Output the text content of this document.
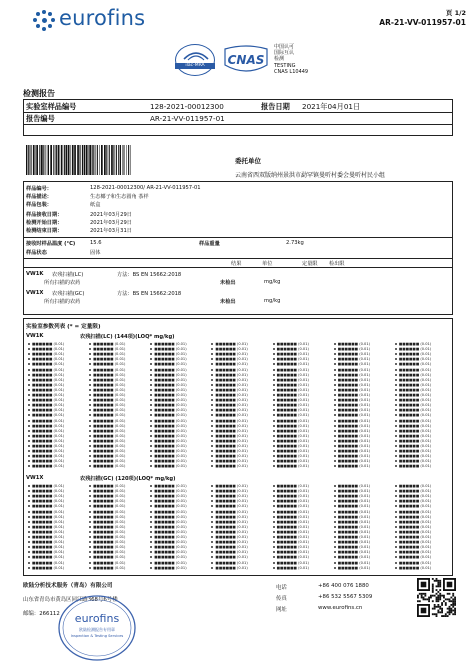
eurofins	页 1/2
AR-21-VV-011957-01
ilac-MRA	CNAS
中国认可
国际互认
检测
TESTING
CNAS L10449
检测报告
实验室样品编号	128-2021-00012300	报告日期 2021年04月01日
报告编号	AR-21-VV-011957-01
委托单位
云南省西双版纳州景洪市勐罕镇曼听村委会曼听村民小组
样品编号：	128-2021-00012300/ AR-21-VV-011957-01
样品描述：	生态椰子和生态圆角 茶样
样品包装：	纸盒
样品接收日期：	2021年03月29日
检测开始日期：	2021年03月29日
检测结束日期：	2021年03月31日
接收时样品温度 (°C)	15.6	样品重量	2.73kg
样品状态	固体
结果	单位	定量限 检出限
VW1K 农残扫描(LC)	方法：BS EN 15662:2018
所有扫描的农药	未检出	mg/kg
VW1X 农残扫描(GC)	方法：BS EN 15662:2018
所有扫描的农药	未检出	mg/kg
实验室参数列表 (* = 定量限)
VW1K	农残扫描(LC) (144项)(LOQ* mg/kg)
■■■■■■ (0.01)	■■■■■■ (0.01)	■■■■■■ (0.01)	■■■■■■ (0.01)	■■■■■■ (0.01)	■■■■■■ (0.01)	■■■■■■ (0.01)
■■■■■■ (0.01)	■■■■■■ (0.01)	■■■■■■ (0.01)	■■■■■■ (0.01)	■■■■■■ (0.01)	■■■■■■ (0.01)	■■■■■■ (0.01)
■■■■■■ (0.01)	■■■■■■ (0.01)	■■■■■■ (0.01)	■■■■■■ (0.01)	■■■■■■ (0.01)	■■■■■■ (0.01)	■■■■■■ (0.01)
■■■■■■ (0.01)	■■■■■■ (0.01)	■■■■■■ (0.01)	■■■■■■ (0.01)	■■■■■■ (0.01)	■■■■■■ (0.01)	■■■■■■ (0.01)
■■■■■■ (0.01)	■■■■■■ (0.01)	■■■■■■ (0.01)	■■■■■■ (0.01)	■■■■■■ (0.01)	■■■■■■ (0.01)	■■■■■■ (0.01)
■■■■■■ (0.01)	■■■■■■ (0.01)	■■■■■■ (0.01)	■■■■■■ (0.01)	■■■■■■ (0.01)	■■■■■■ (0.01)	■■■■■■ (0.01)
■■■■■■ (0.01)	■■■■■■ (0.01)	■■■■■■ (0.01)	■■■■■■ (0.01)	■■■■■■ (0.01)	■■■■■■ (0.01)	■■■■■■ (0.01)
■■■■■■ (0.01)	■■■■■■ (0.01)	■■■■■■ (0.01)	■■■■■■ (0.01)	■■■■■■ (0.01)	■■■■■■ (0.01)	■■■■■■ (0.01)
■■■■■■ (0.01)	■■■■■■ (0.01)	■■■■■■ (0.01)	■■■■■■ (0.01)	■■■■■■ (0.01)	■■■■■■ (0.01)	■■■■■■ (0.01)
■■■■■■ (0.01)	■■■■■■ (0.01)	■■■■■■ (0.01)	■■■■■■ (0.01)	■■■■■■ (0.01)	■■■■■■ (0.01)	■■■■■■ (0.01)
■■■■■■ (0.01)	■■■■■■ (0.01)	■■■■■■ (0.01)	■■■■■■ (0.01)	■■■■■■ (0.01)	■■■■■■ (0.01)	■■■■■■ (0.01)
■■■■■■ (0.01)	■■■■■■ (0.01)	■■■■■■ (0.01)	■■■■■■ (0.01)	■■■■■■ (0.01)	■■■■■■ (0.01)	■■■■■■ (0.01)
■■■■■■ (0.01)	■■■■■■ (0.01)	■■■■■■ (0.01)	■■■■■■ (0.01)	■■■■■■ (0.01)	■■■■■■ (0.01)	■■■■■■ (0.01)
■■■■■■ (0.01)	■■■■■■ (0.01)	■■■■■■ (0.01)	■■■■■■ (0.01)	■■■■■■ (0.01)	■■■■■■ (0.01)	■■■■■■ (0.01)
■■■■■■ (0.01)	■■■■■■ (0.01)	■■■■■■ (0.01)	■■■■■■ (0.01)	■■■■■■ (0.01)	■■■■■■ (0.01)	■■■■■■ (0.01)
■■■■■■ (0.01)	■■■■■■ (0.01)	■■■■■■ (0.01)	■■■■■■ (0.01)	■■■■■■ (0.01)	■■■■■■ (0.01)	■■■■■■ (0.01)
■■■■■■ (0.01)	■■■■■■ (0.01)	■■■■■■ (0.01)	■■■■■■ (0.01)	■■■■■■ (0.01)	■■■■■■ (0.01)	■■■■■■ (0.01)
■■■■■■ (0.01)	■■■■■■ (0.01)	■■■■■■ (0.01)	■■■■■■ (0.01)	■■■■■■ (0.01)	■■■■■■ (0.01)	■■■■■■ (0.01)
■■■■■■ (0.01)	■■■■■■ (0.01)	■■■■■■ (0.01)	■■■■■■ (0.01)	■■■■■■ (0.01)	■■■■■■ (0.01)	■■■■■■ (0.01)
■■■■■■ (0.01)	■■■■■■ (0.01)	■■■■■■ (0.01)	■■■■■■ (0.01)	■■■■■■ (0.01)	■■■■■■ (0.01)	■■■■■■ (0.01)
■■■■■■ (0.01)	■■■■■■ (0.01)	■■■■■■ (0.01)	■■■■■■ (0.01)	■■■■■■ (0.01)	■■■■■■ (0.01)	■■■■■■ (0.01)
■■■■■■ (0.01)	■■■■■■ (0.01)	■■■■■■ (0.01)	■■■■■■ (0.01)	■■■■■■ (0.01)	■■■■■■ (0.01)	■■■■■■ (0.01)
■■■■■■ (0.01)	■■■■■■ (0.01)	■■■■■■ (0.01)	■■■■■■ (0.01)	■■■■■■ (0.01)	■■■■■■ (0.01)	■■■■■■ (0.01)
■■■■■■ (0.01)	■■■■■■ (0.01)	■■■■■■ (0.01)	■■■■■■ (0.01)	■■■■■■ (0.01)	■■■■■■ (0.01)	■■■■■■ (0.01)
■■■■■■ (0.01)	■■■■■■ (0.01)	■■■■■■ (0.01)	■■■■■■ (0.01)	■■■■■■ (0.01)	■■■■■■ (0.01)	■■■■■■ (0.01)
VW1X	农残扫描(GC) (120项)(LOQ* mg/kg)
■■■■■■ (0.01)	■■■■■■ (0.01)	■■■■■■ (0.01)	■■■■■■ (0.01)	■■■■■■ (0.01)	■■■■■■ (0.01)	■■■■■■ (0.01)
■■■■■■ (0.01)	■■■■■■ (0.01)	■■■■■■ (0.01)	■■■■■■ (0.01)	■■■■■■ (0.01)	■■■■■■ (0.01)	■■■■■■ (0.01)
■■■■■■ (0.01)	■■■■■■ (0.01)	■■■■■■ (0.01)	■■■■■■ (0.01)	■■■■■■ (0.01)	■■■■■■ (0.01)	■■■■■■ (0.01)
■■■■■■ (0.01)	■■■■■■ (0.01)	■■■■■■ (0.01)	■■■■■■ (0.01)	■■■■■■ (0.01)	■■■■■■ (0.01)	■■■■■■ (0.01)
■■■■■■ (0.01)	■■■■■■ (0.01)	■■■■■■ (0.01)	■■■■■■ (0.01)	■■■■■■ (0.01)	■■■■■■ (0.01)	■■■■■■ (0.01)
■■■■■■ (0.01)	■■■■■■ (0.01)	■■■■■■ (0.01)	■■■■■■ (0.01)	■■■■■■ (0.01)	■■■■■■ (0.01)	■■■■■■ (0.01)
■■■■■■ (0.01)	■■■■■■ (0.01)	■■■■■■ (0.01)	■■■■■■ (0.01)	■■■■■■ (0.01)	■■■■■■ (0.01)	■■■■■■ (0.01)
■■■■■■ (0.01)	■■■■■■ (0.01)	■■■■■■ (0.01)	■■■■■■ (0.01)	■■■■■■ (0.01)	■■■■■■ (0.01)	■■■■■■ (0.01)
■■■■■■ (0.01)	■■■■■■ (0.01)	■■■■■■ (0.01)	■■■■■■ (0.01)	■■■■■■ (0.01)	■■■■■■ (0.01)	■■■■■■ (0.01)
■■■■■■ (0.01)	■■■■■■ (0.01)	■■■■■■ (0.01)	■■■■■■ (0.01)	■■■■■■ (0.01)	■■■■■■ (0.01)	■■■■■■ (0.01)
■■■■■■ (0.01)	■■■■■■ (0.01)	■■■■■■ (0.01)	■■■■■■ (0.01)	■■■■■■ (0.01)	■■■■■■ (0.01)	■■■■■■ (0.01)
■■■■■■ (0.01)	■■■■■■ (0.01)	■■■■■■ (0.01)	■■■■■■ (0.01)	■■■■■■ (0.01)	■■■■■■ (0.01)	■■■■■■ (0.01)
■■■■■■ (0.01)	■■■■■■ (0.01)	■■■■■■ (0.01)	■■■■■■ (0.01)	■■■■■■ (0.01)	■■■■■■ (0.01)	■■■■■■ (0.01)
■■■■■■ (0.01)	■■■■■■ (0.01)	■■■■■■ (0.01)	■■■■■■ (0.01)	■■■■■■ (0.01)	■■■■■■ (0.01)	■■■■■■ (0.01)
■■■■■■ (0.01)	■■■■■■ (0.01)	■■■■■■ (0.01)	■■■■■■ (0.01)	■■■■■■ (0.01)	■■■■■■ (0.01)	■■■■■■ (0.01)
■■■■■■ (0.01)	■■■■■■ (0.01)	■■■■■■ (0.01)	■■■■■■ (0.01)	■■■■■■ (0.01)	■■■■■■ (0.01)	■■■■■■ (0.01)
■■■■■■ (0.01)	■■■■■■ (0.01)	■■■■■■ (0.01)	■■■■■■ (0.01)	■■■■■■ (0.01)	■■■■■■ (0.01)	■■■■■■ (0.01)
欧陆分析技术服务（青岛）有限公司
山东省青岛市黄岛区同江路368号6号楼
邮编：266112
电话	+86 400 076 1880
传真	+86 532 5567 5309
网址	www.eurofins.cn
eurofins
欧陆检测报告专用章
Inspection & Testing Services
